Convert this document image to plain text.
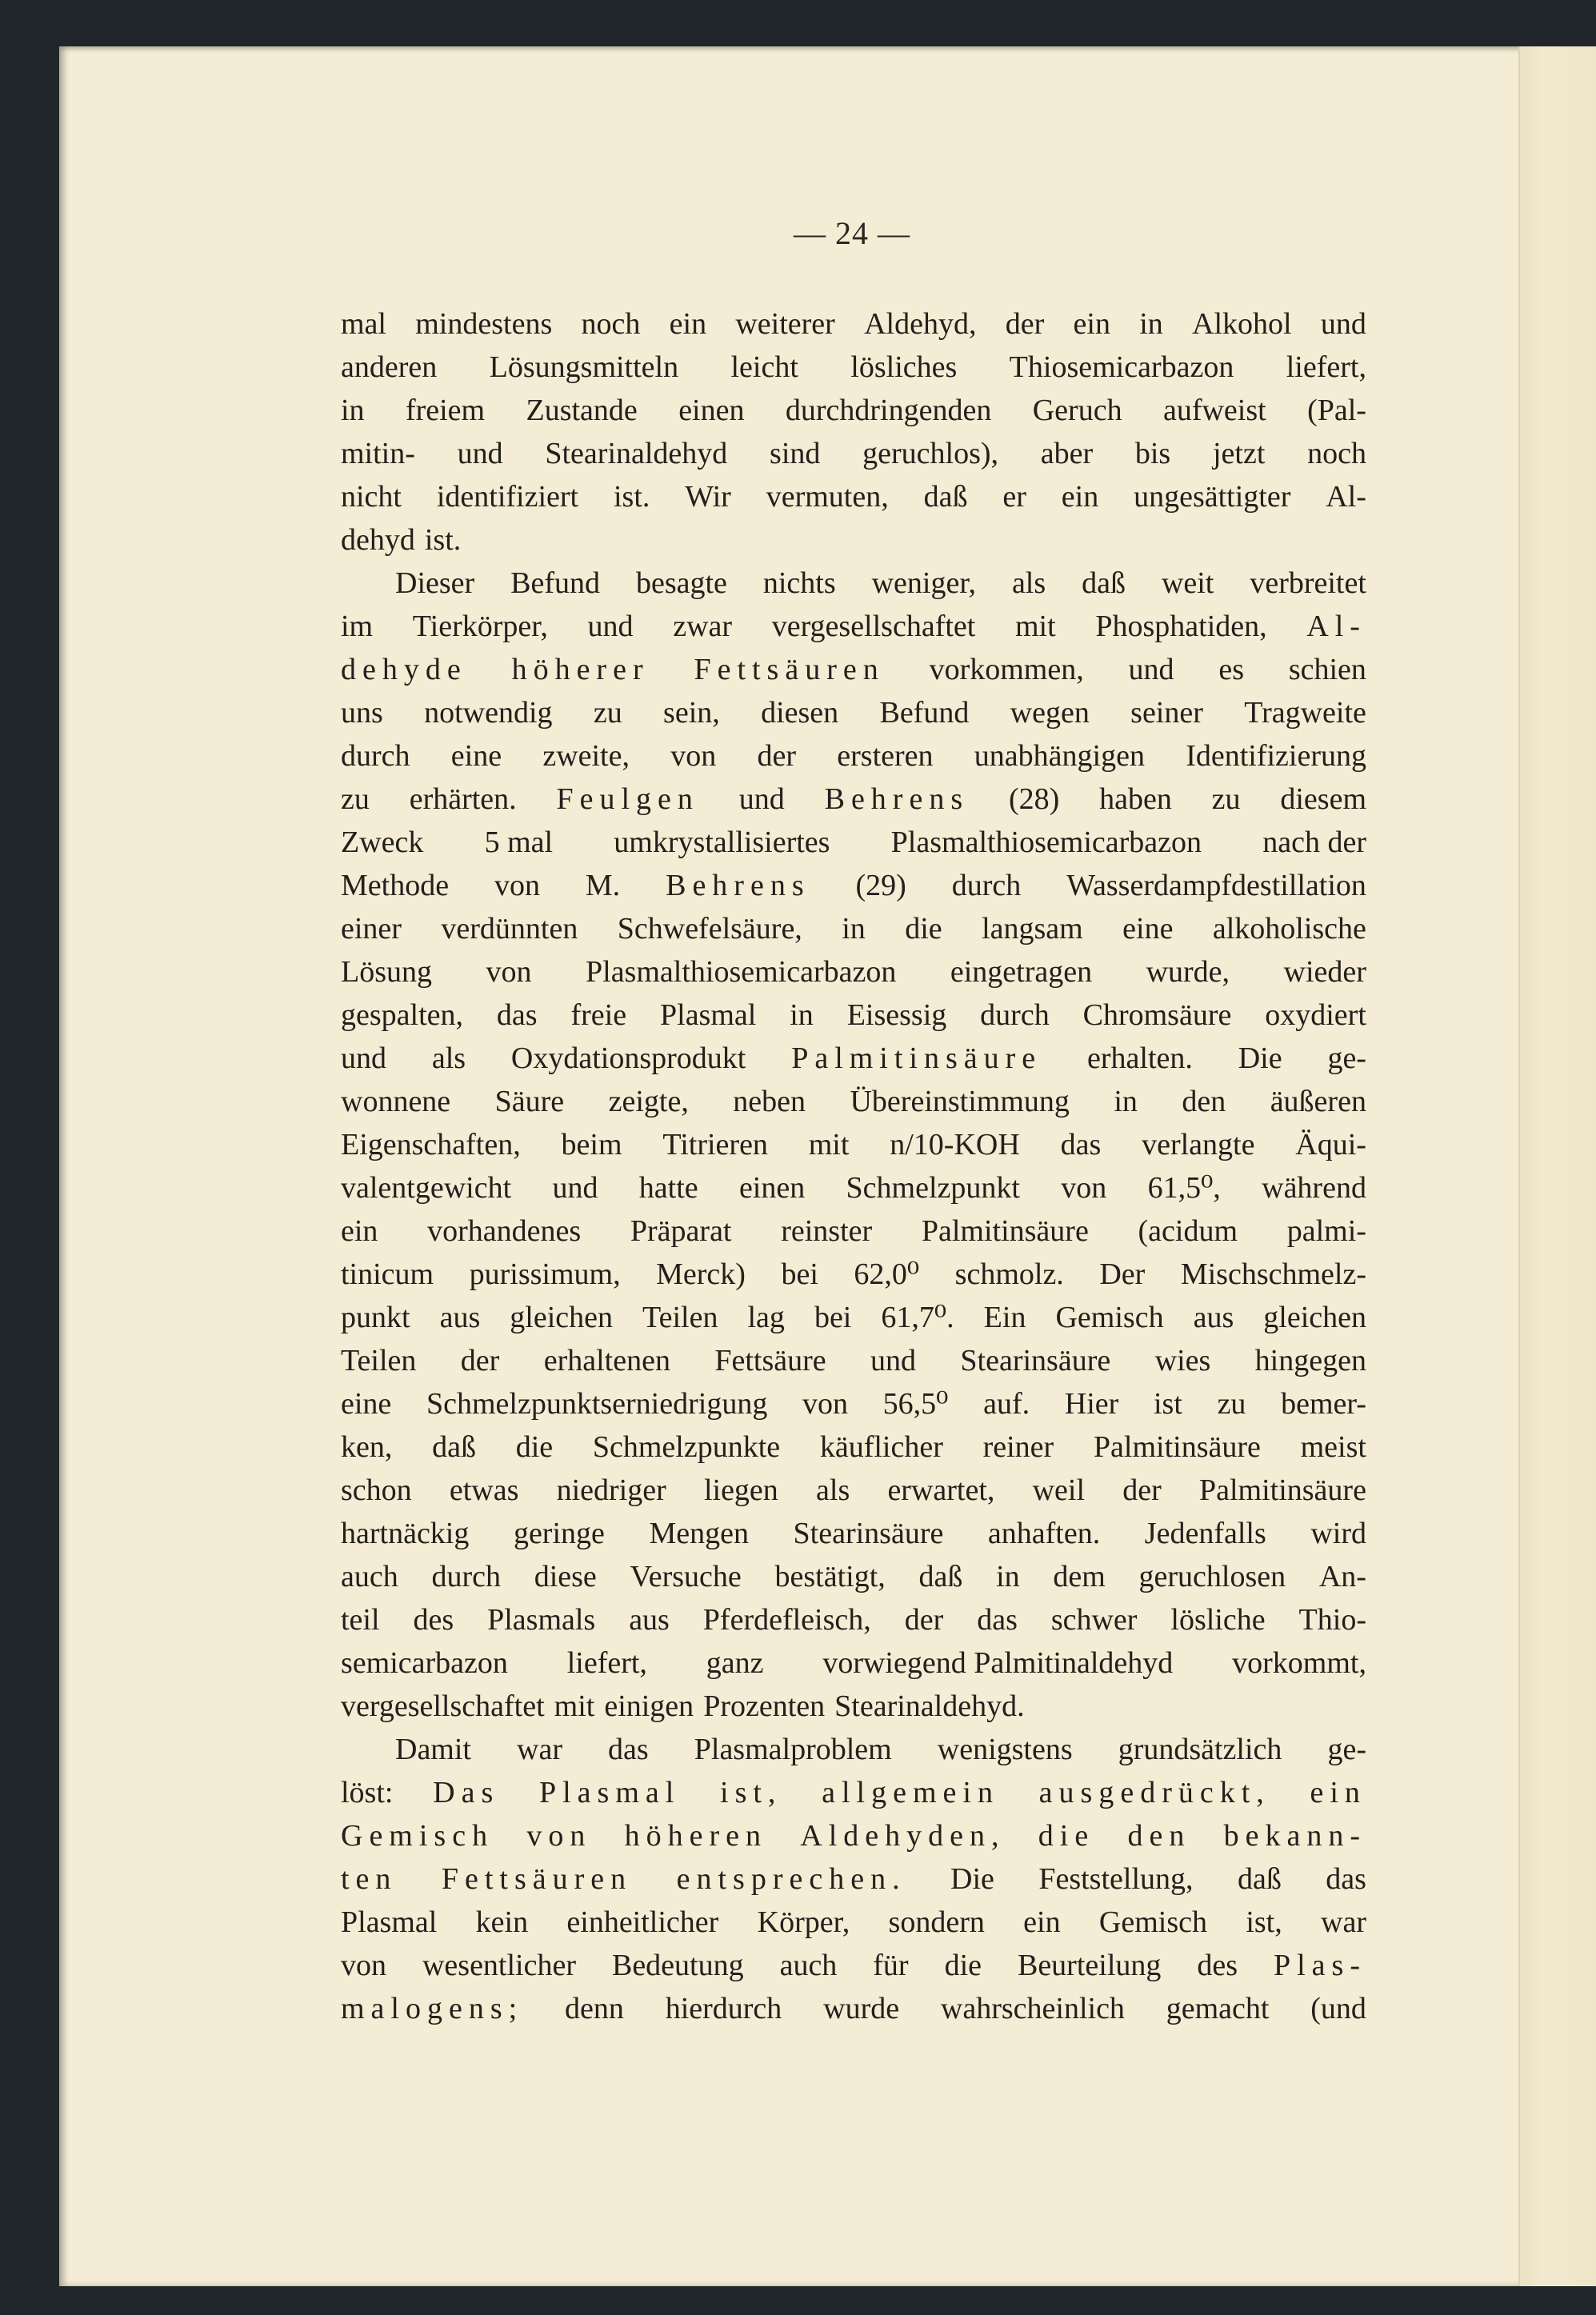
— 24 —
mal mindestens noch ein weiterer Aldehyd, der ein in Alkohol und
anderen Lösungsmitteln leicht lösliches Thiosemicarbazon liefert,
in freiem Zustande einen durchdringenden Geruch aufweist (Pal-
mitin- und Stearinaldehyd sind geruchlos), aber bis jetzt noch
nicht identifiziert ist. Wir vermuten, daß er ein ungesättigter Al-
dehyd ist.
Dieser Befund besagte nichts weniger, als daß weit verbreitet
im Tierkörper, und zwar vergesellschaftet mit Phosphatiden, Al-
dehyde höherer Fettsäuren vorkommen, und es schien
uns notwendig zu sein, diesen Befund wegen seiner Tragweite
durch eine zweite, von der ersteren unabhängigen Identifizierung
zu erhärten. Feulgen und Behrens (28) haben zu diesem
Zweck 5 mal umkrystallisiertes Plasmalthiosemicarbazon nach der
Methode von M. Behrens (29) durch Wasserdampfdestillation
einer verdünnten Schwefelsäure, in die langsam eine alkoholische
Lösung von Plasmalthiosemicarbazon eingetragen wurde, wieder
gespalten, das freie Plasmal in Eisessig durch Chromsäure oxydiert
und als Oxydationsprodukt Palmitinsäure erhalten. Die ge-
wonnene Säure zeigte, neben Übereinstimmung in den äußeren
Eigenschaften, beim Titrieren mit n/10-KOH das verlangte Äqui-
valentgewicht und hatte einen Schmelzpunkt von 61,5⁰, während
ein vorhandenes Präparat reinster Palmitinsäure (acidum palmi-
tinicum purissimum, Merck) bei 62,0⁰ schmolz. Der Mischschmelz-
punkt aus gleichen Teilen lag bei 61,7⁰. Ein Gemisch aus gleichen
Teilen der erhaltenen Fettsäure und Stearinsäure wies hingegen
eine Schmelzpunktserniedrigung von 56,5⁰ auf. Hier ist zu bemer-
ken, daß die Schmelzpunkte käuflicher reiner Palmitinsäure meist
schon etwas niedriger liegen als erwartet, weil der Palmitinsäure
hartnäckig geringe Mengen Stearinsäure anhaften. Jedenfalls wird
auch durch diese Versuche bestätigt, daß in dem geruchlosen An-
teil des Plasmals aus Pferdefleisch, der das schwer lösliche Thio-
semicarbazon liefert, ganz vorwiegend Palmitinaldehyd vorkommt,
vergesellschaftet mit einigen Prozenten Stearinaldehyd.
Damit war das Plasmalproblem wenigstens grundsätzlich ge-
löst: Das Plasmal ist, allgemein ausgedrückt, ein
Gemisch von höheren Aldehyden, die den bekann-
ten Fettsäuren entsprechen. Die Feststellung, daß das
Plasmal kein einheitlicher Körper, sondern ein Gemisch ist, war
von wesentlicher Bedeutung auch für die Beurteilung des Plas-
malogens; denn hierdurch wurde wahrscheinlich gemacht (und
